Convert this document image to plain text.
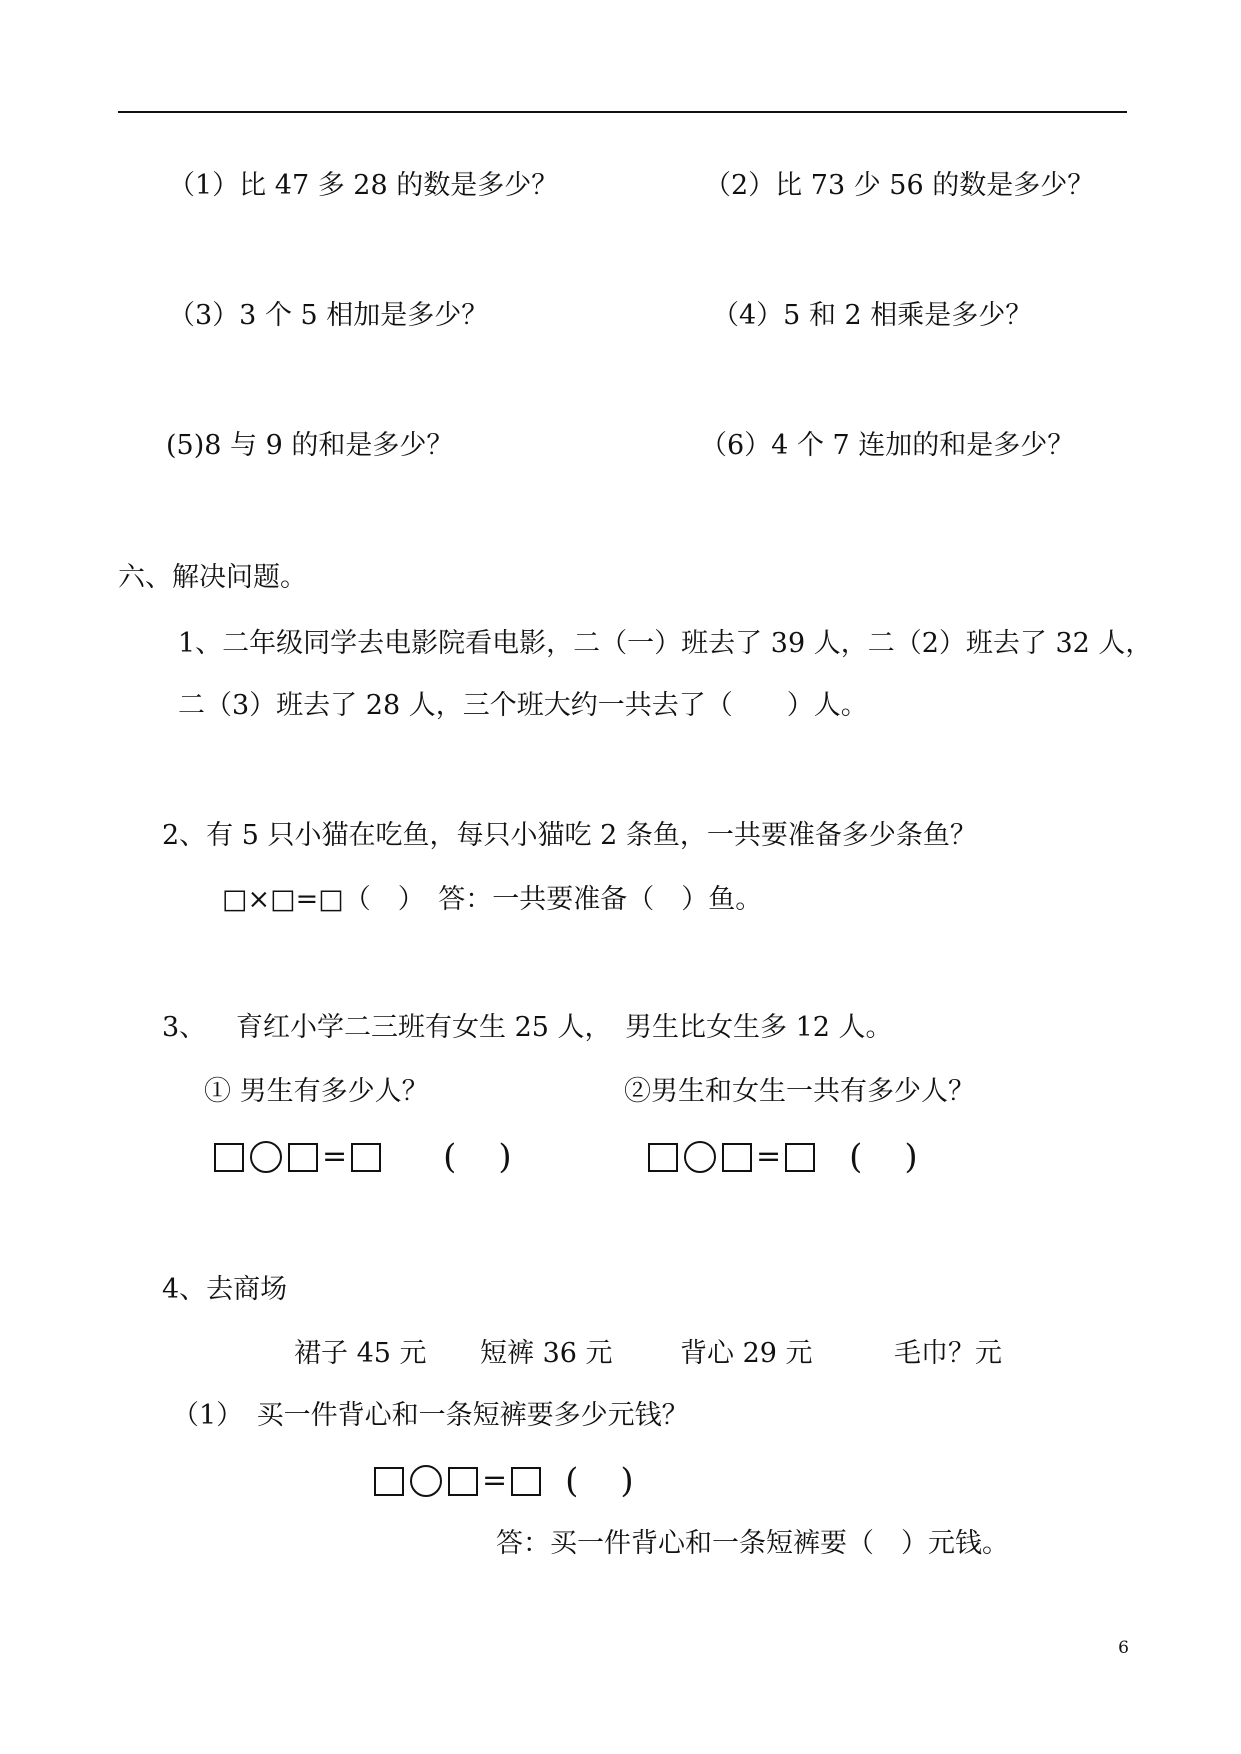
（1）比 47 多 28 的数是多少？	（2）比 73 少 56 的数是多少？
（3）3 个 5 相加是多少？	（4）5 和 2 相乘是多少？
(5)8 与 9 的和是多少？	（6）4 个 7 连加的和是多少？
六、解决问题。
1、二年级同学去电影院看电影，二（一）班去了 39 人，二（2）班去了 32 人，
二（3）班去了 28 人，三个班大约一共去了（　　）人。
2、有 5 只小猫在吃鱼，每只小猫吃 2 条鱼，一共要准备多少条鱼？
□×□=□（　）　答：一共要准备（　）鱼。
3、 育红小学二三班有女生 25 人，　男生比女生多 12 人。
① 男生有多少人？	②男生和女生一共有多少人？
=	( )	= ( )
4、去商场
裙子 45 元 短裤 36 元 背心 29 元	毛巾？元
（1）　买一件背心和一条短裤要多少元钱？
= ( )
答：买一件背心和一条短裤要（　）元钱。
6
